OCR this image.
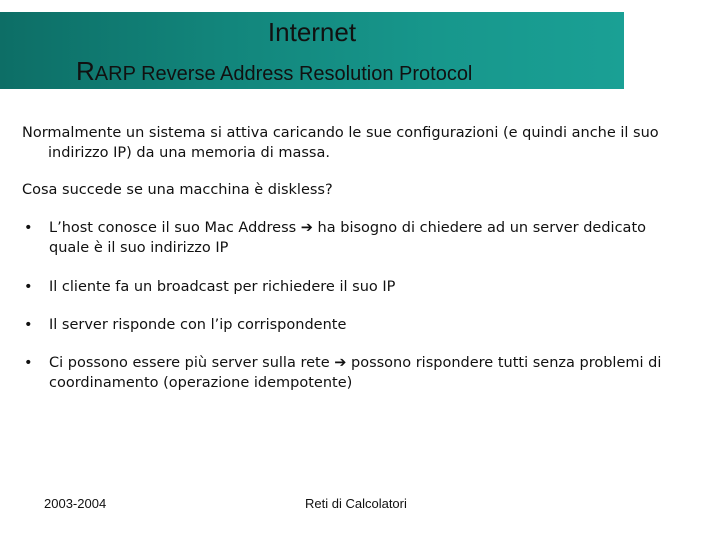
Internet
RARP Reverse Address Resolution Protocol
Normalmente un sistema si attiva caricando le sue configurazioni (e quindi anche il suo indirizzo IP) da una memoria di massa.
Cosa succede se una macchina è diskless?
• L’host conosce il suo Mac Address ➔ ha bisogno di chiedere ad un server dedicato quale è il suo indirizzo IP
• Il cliente fa un broadcast per richiedere il suo IP
• Il server risponde con l’ip corrispondente
• Ci possono essere più server sulla rete ➔ possono rispondere tutti senza problemi di coordinamento (operazione idempotente)
2003-2004	Reti di Calcolatori
